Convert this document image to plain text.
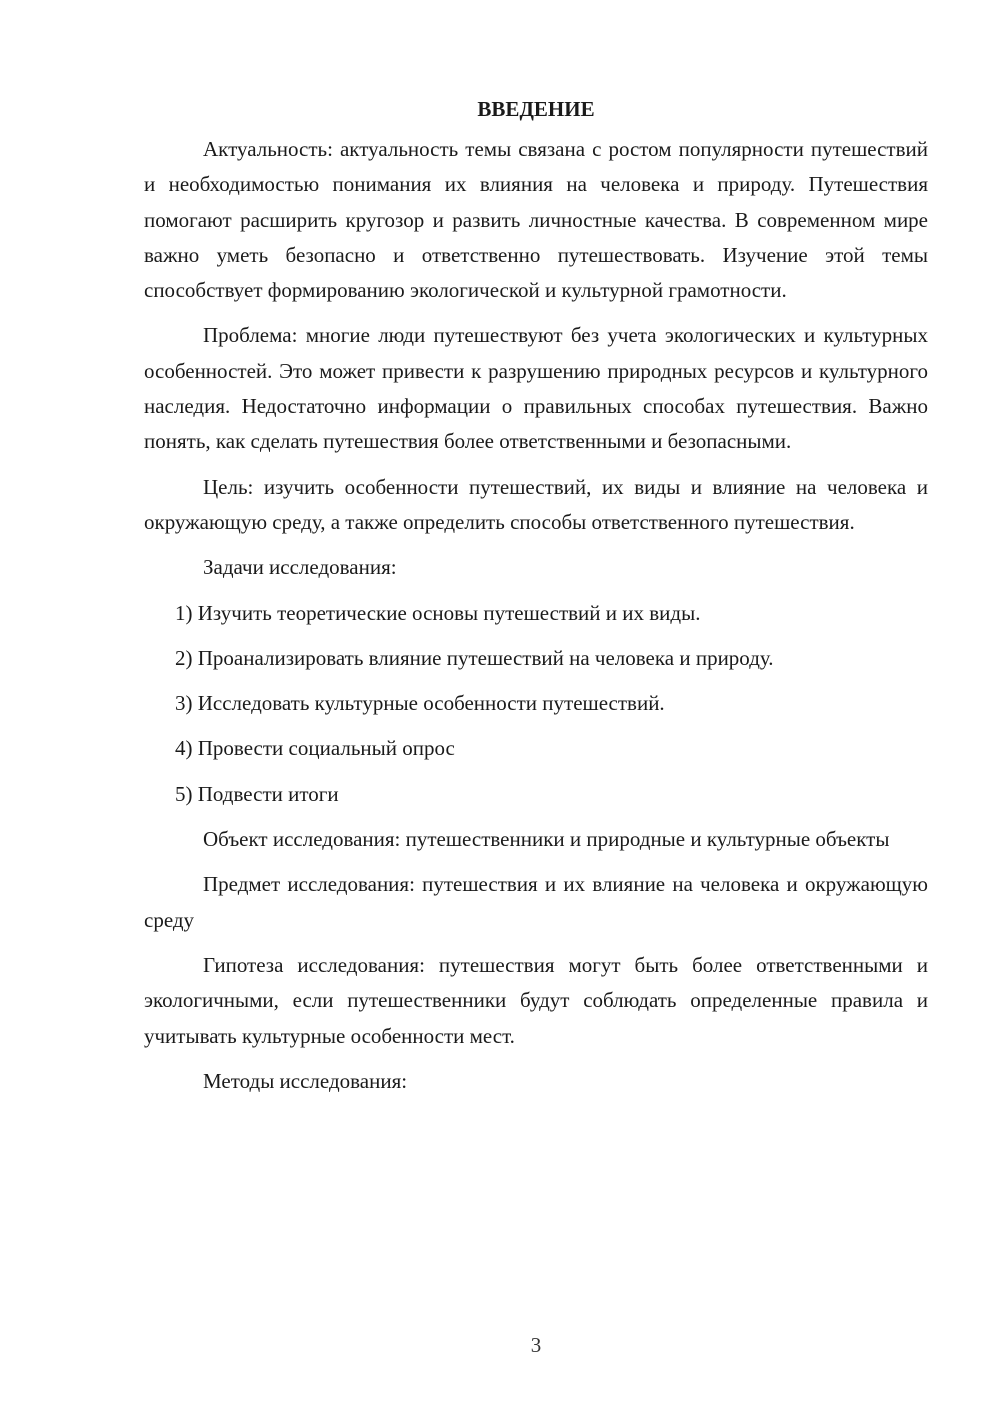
ВВЕДЕНИЕ

Актуальность: актуальность темы связана с ростом популярности путешествий и необходимостью понимания их влияния на человека и природу. Путешествия помогают расширить кругозор и развить личностные качества. В современном мире важно уметь безопасно и ответственно путешествовать. Изучение этой темы способствует формированию экологической и культурной грамотности.

Проблема: многие люди путешествуют без учета экологических и культурных особенностей. Это может привести к разрушению природных ресурсов и культурного наследия. Недостаточно информации о правильных способах путешествия. Важно понять, как сделать путешествия более ответственными и безопасными.

Цель: изучить особенности путешествий, их виды и влияние на человека и окружающую среду, а также определить способы ответственного путешествия.

Задачи исследования:

1) Изучить теоретические основы путешествий и их виды.
2) Проанализировать влияние путешествий на человека и природу.
3) Исследовать культурные особенности путешествий.
4) Провести социальный опрос
5) Подвести итоги

Объект исследования: путешественники и природные и культурные объекты

Предмет исследования: путешествия и их влияние на человека и окружающую среду

Гипотеза исследования: путешествия могут быть более ответственными и экологичными, если путешественники будут соблюдать определенные правила и учитывать культурные особенности мест.

Методы исследования:

3
